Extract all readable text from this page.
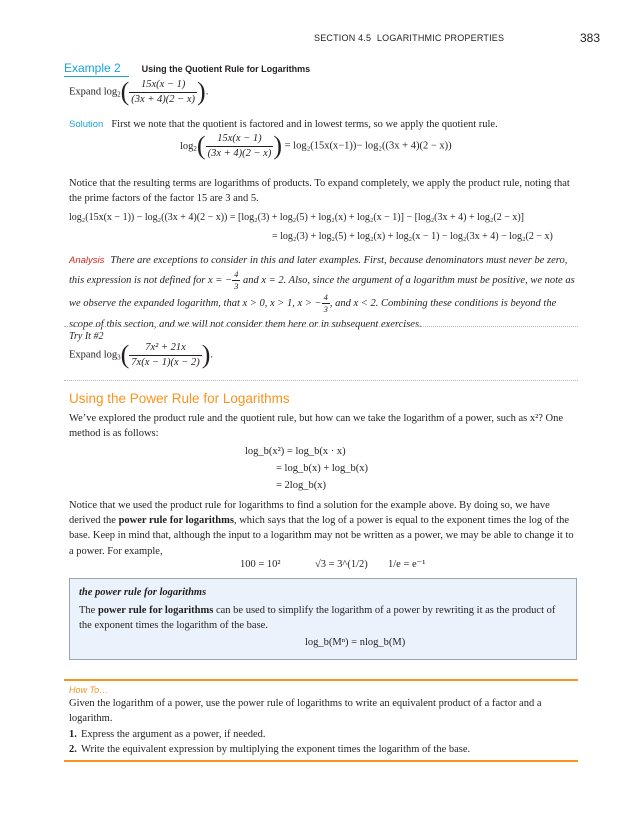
SECTION 4.5 LOGARITHMIC PROPERTIES	383
Example 2 Using the Quotient Rule for Logarithms
Expand $\log_2( \frac{15x(x - 1)}{(3x + 4)(2 - x)}$ ).
Solution First we note that the quotient is factored and in lowest terms, so we apply the quotient rule.
$\log_2( \frac{15x(x - 1)}{(3x + 4)(2 - x)}$ ) = log₂(15x(x−1))− log₂((3x + 4)(2 − x))
Notice that the resulting terms are logarithms of products. To expand completely, we apply the product rule, noting that the prime factors of the factor 15 are 3 and 5.
log₂(15x(x − 1)) − log₂((3x + 4)(2 − x)) = [log₂(3) + log₂(5) + log₂(x) + log₂(x − 1)] − [log₂(3x + 4) + log₂(2 − x)]
= log₂(3) + log₂(5) + log₂(x) + log₂(x − 1) − log₂(3x + 4) − log₂(2 − x)
Analysis There are exceptions to consider in this and later examples. First, because denominators must never be zero, this expression is not defined for x = − $\frac{4}{3}$ and x = 2. Also, since the argument of a logarithm must be positive, we note as we observe the expanded logarithm, that x > 0, x > 1, x > − $\frac{4}{3}$ , and x < 2. Combining these conditions is beyond the scope of this section, and we will not consider them here or in subsequent exercises.
Try It #2
Expand $\log_3( \frac{\text{7x² + 21x}}{7x(x - 1)(x - 2)}$ ).
Using the Power Rule for Logarithms
We’ve explored the product rule and the quotient rule, but how can we take the logarithm of a power, such as x²? One method is as follows:
log_b(x²) = log_b(x · x)
= log_b(x) + log_b(x)
= 2log_b(x)
Notice that we used the product rule for logarithms to find a solution for the example above. By doing so, we have derived the power rule for logarithms, which says that the log of a power is equal to the exponent times the log of the base. Keep in mind that, although the input to a logarithm may not be written as a power, we may be able to change it to a power. For example,
100 = 10²	√3 = 3^(1/2) 1/e = e⁻¹
the power rule for logarithms
The power rule for logarithms can be used to simplify the logarithm of a power by rewriting it as the product of the exponent times the logarithm of the base.
log_b(Mⁿ) = nlog_b(M)
How To…
Given the logarithm of a power, use the power rule of logarithms to write an equivalent product of a factor and a logarithm.
1. Express the argument as a power, if needed.
2. Write the equivalent expression by multiplying the exponent times the logarithm of the base.
